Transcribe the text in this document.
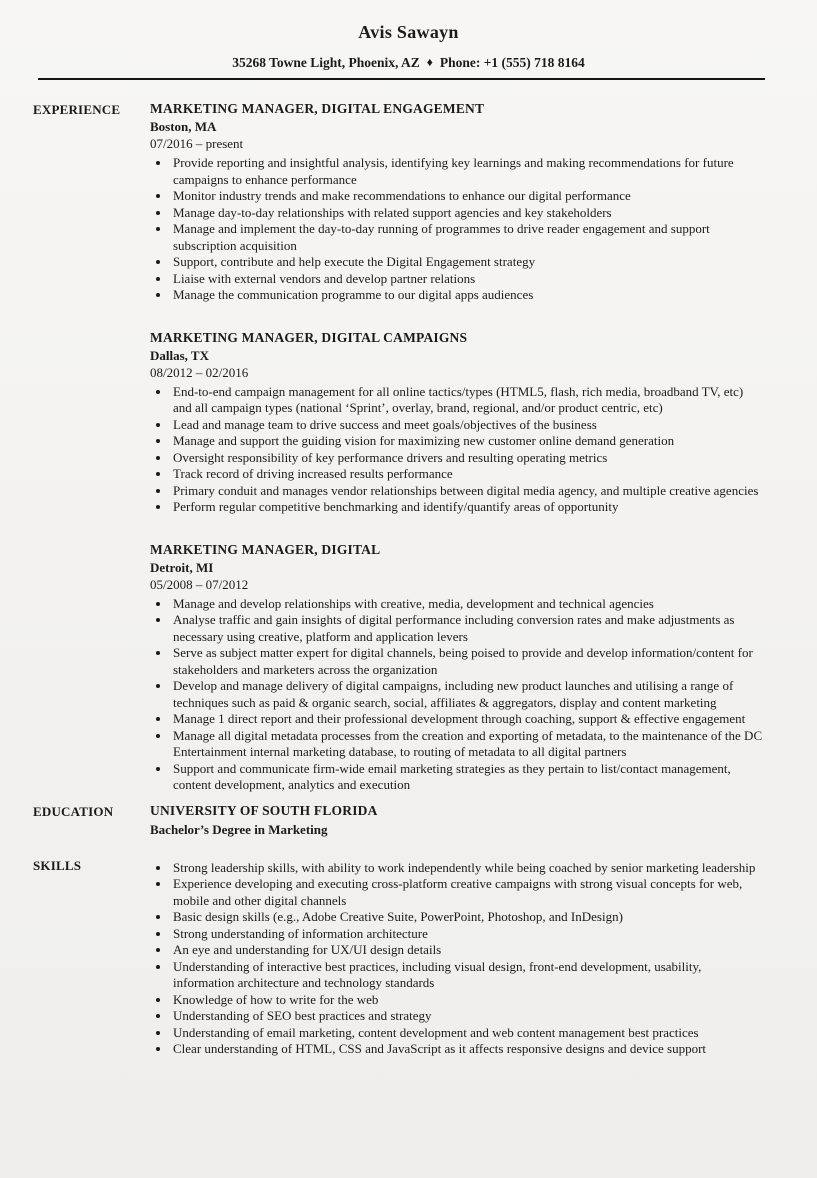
Avis Sawayn
35268 Towne Light, Phoenix, AZ ♦ Phone: +1 (555) 718 8164
EXPERIENCE	MARKETING MANAGER, DIGITAL ENGAGEMENT
Boston, MA
07/2016 – present
• Provide reporting and insightful analysis, identifying key learnings and making recommendations for future campaigns to enhance performance
• Monitor industry trends and make recommendations to enhance our digital performance
• Manage day-to-day relationships with related support agencies and key stakeholders
• Manage and implement the day-to-day running of programmes to drive reader engagement and support subscription acquisition
• Support, contribute and help execute the Digital Engagement strategy
• Liaise with external vendors and develop partner relations
• Manage the communication programme to our digital apps audiences
MARKETING MANAGER, DIGITAL CAMPAIGNS
Dallas, TX
08/2012 – 02/2016
• End-to-end campaign management for all online tactics/types (HTML5, flash, rich media, broadband TV, etc) and all campaign types (national ‘Sprint’, overlay, brand, regional, and/or product centric, etc)
• Lead and manage team to drive success and meet goals/objectives of the business
• Manage and support the guiding vision for maximizing new customer online demand generation
• Oversight responsibility of key performance drivers and resulting operating metrics
• Track record of driving increased results performance
• Primary conduit and manages vendor relationships between digital media agency, and multiple creative agencies
• Perform regular competitive benchmarking and identify/quantify areas of opportunity
MARKETING MANAGER, DIGITAL
Detroit, MI
05/2008 – 07/2012
• Manage and develop relationships with creative, media, development and technical agencies
• Analyse traffic and gain insights of digital performance including conversion rates and make adjustments as necessary using creative, platform and application levers
• Serve as subject matter expert for digital channels, being poised to provide and develop information/content for stakeholders and marketers across the organization
• Develop and manage delivery of digital campaigns, including new product launches and utilising a range of techniques such as paid & organic search, social, affiliates & aggregators, display and content marketing
• Manage 1 direct report and their professional development through coaching, support & effective engagement
• Manage all digital metadata processes from the creation and exporting of metadata, to the maintenance of the DC Entertainment internal marketing database, to routing of metadata to all digital partners
• Support and communicate firm-wide email marketing strategies as they pertain to list/contact management, content development, analytics and execution
EDUCATION	UNIVERSITY OF SOUTH FLORIDA
Bachelor’s Degree in Marketing
SKILLS	• Strong leadership skills, with ability to work independently while being coached by senior marketing leadership
• Experience developing and executing cross-platform creative campaigns with strong visual concepts for web, mobile and other digital channels
• Basic design skills (e.g., Adobe Creative Suite, PowerPoint, Photoshop, and InDesign)
• Strong understanding of information architecture
• An eye and understanding for UX/UI design details
• Understanding of interactive best practices, including visual design, front-end development, usability, information architecture and technology standards
• Knowledge of how to write for the web
• Understanding of SEO best practices and strategy
• Understanding of email marketing, content development and web content management best practices
• Clear understanding of HTML, CSS and JavaScript as it affects responsive designs and device support
